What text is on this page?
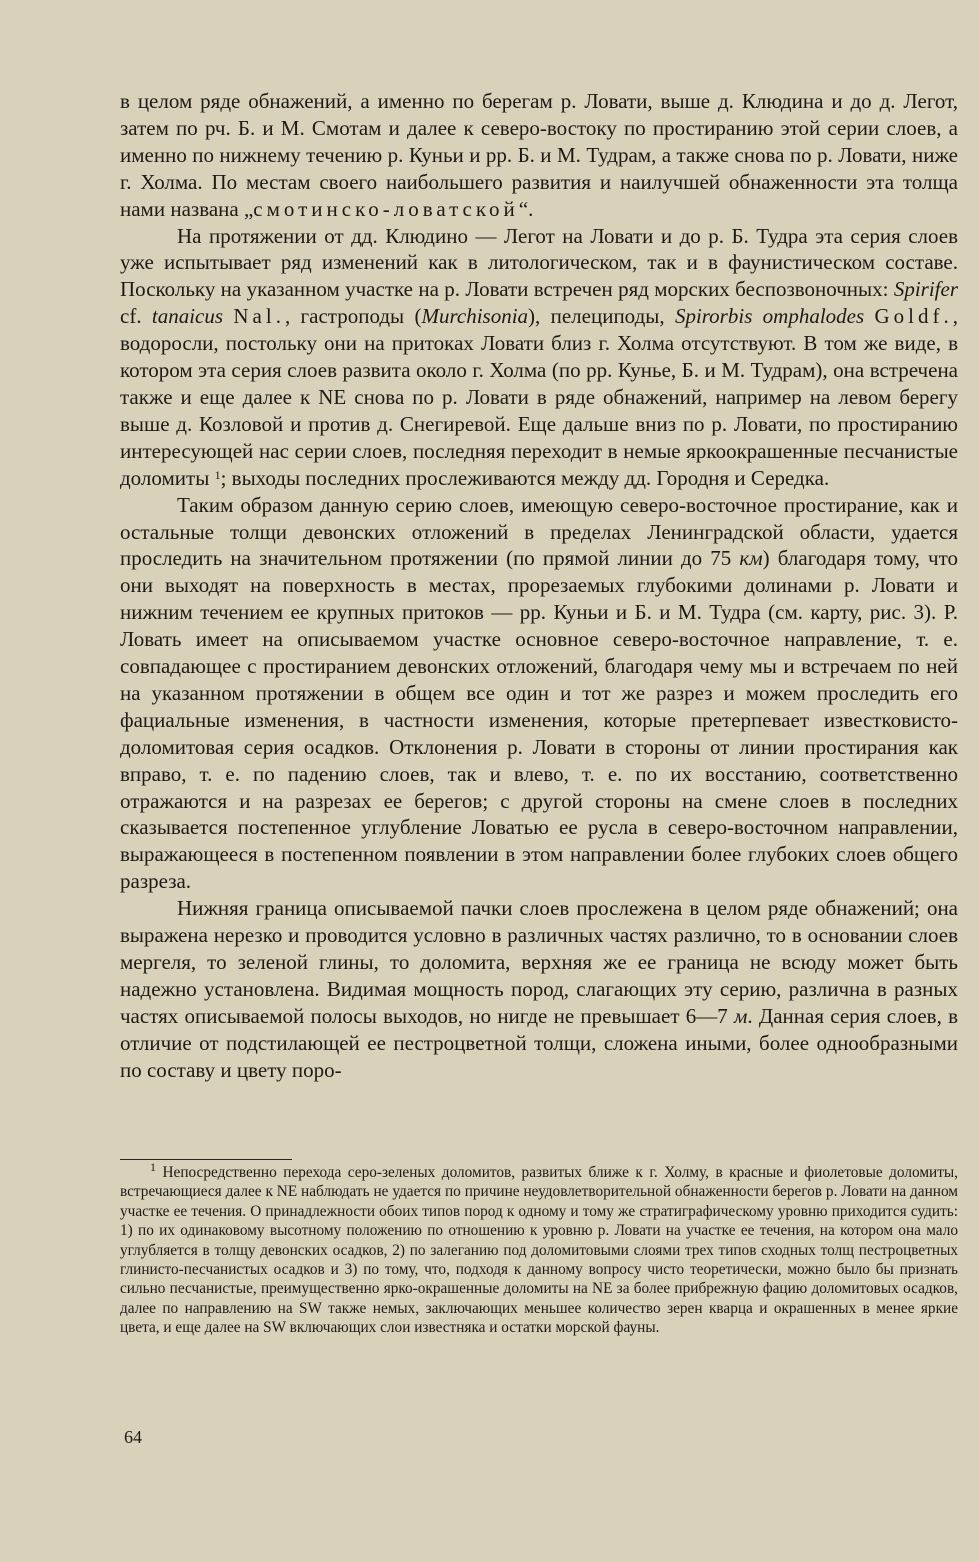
в целом ряде обнажений, а именно по берегам р. Ловати, выше д. Клюдина и до д. Легот, затем по рч. Б. и М. Смотам и далее к северо-востоку по простиранию этой серии слоев, а именно по нижнему течению р. Куньи и рр. Б. и М. Тудрам, а также снова по р. Ловати, ниже г. Холма. По местам своего наибольшего развития и наилучшей обнаженности эта толща нами названа „смотинско-ловатской“.

На протяжении от дд. Клюдино — Легот на Ловати и до р. Б. Тудра эта серия слоев уже испытывает ряд изменений как в литологическом, так и в фаунистическом составе. Поскольку на указанном участке на р. Ловати встречен ряд морских беспозвоночных: Spirifer cf. tanaicus Nal., гастроподы (Murchisonia), пелециподы, Spirorbis omphalodes Goldf., водоросли, постольку они на притоках Ловати близ г. Холма отсутствуют. В том же виде, в котором эта серия слоев развита около г. Холма (по рр. Кунье, Б. и М. Тудрам), она встречена также и еще далее к NE снова по р. Ловати в ряде обнажений, например на левом берегу выше д. Козловой и против д. Снегиревой. Еще дальше вниз по р. Ловати, по простиранию интересующей нас серии слоев, последняя переходит в немые яркоокрашенные песчанистые доломиты $^1$; выходы последних прослеживаются между дд. Городня и Середка.

Таким образом данную серию слоев, имеющую северо-восточное простирание, как и остальные толщи девонских отложений в пределах Ленинградской области, удается проследить на значительном протяжении (по прямой линии до 75 км) благодаря тому, что они выходят на поверхность в местах, прорезаемых глубокими долинами р. Ловати и нижним течением ее крупных притоков — рр. Куньи и Б. и М. Тудра (см. карту, рис. 3). Р. Ловать имеет на описываемом участке основное северо-восточное направление, т. е. совпадающее с простиранием девонских отложений, благодаря чему мы и встречаем по ней на указанном протяжении в общем все один и тот же разрез и можем проследить его фациальные изменения, в частности изменения, которые претерпевает известковисто-доломитовая серия осадков. Отклонения р. Ловати в стороны от линии простирания как вправо, т. е. по падению слоев, так и влево, т. е. по их восстанию, соответственно отражаются и на разрезах ее берегов; с другой стороны на смене слоев в последних сказывается постепенное углубление Ловатью ее русла в северо-восточном направлении, выражающееся в постепенном появлении в этом направлении более глубоких слоев общего разреза.

Нижняя граница описываемой пачки слоев прослежена в целом ряде обнажений; она выражена нерезко и проводится условно в различных частях различно, то в основании слоев мергеля, то зеленой глины, то доломита, верхняя же ее граница не всюду может быть надежно установлена. Видимая мощность пород, слагающих эту серию, различна в разных частях описываемой полосы выходов, но нигде не превышает 6—7 м. Данная серия слоев, в отличие от подстилающей ее пестроцветной толщи, сложена иными, более однообразными по составу и цвету поро-

$^1$ Непосредственно перехода серо-зеленых доломитов, развитых ближе к г. Холму, в красные и фиолетовые доломиты, встречающиеся далее к NE наблюдать не удается по причине неудовлетворительной обнаженности берегов р. Ловати на данном участке ее течения. О принадлежности обоих типов пород к одному и тому же стратиграфическому уровню приходится судить: 1) по их одинаковому высотному положению по отношению к уровню р. Ловати на участке ее течения, на котором она мало углубляется в толщу девонских осадков, 2) по залеганию под доломитовыми слоями трех типов сходных толщ пестроцветных глинисто-песчанистых осадков и 3) по тому, что, подходя к данному вопросу чисто теоретически, можно было бы признать сильно песчанистые, преимущественно ярко-окрашенные доломиты на NE за более прибрежную фацию доломитовых осадков, далее по направлению на SW также немых, заключающих меньшее количество зерен кварца и окрашенных в менее яркие цвета, и еще далее на SW включающих слои известняка и остатки морской фауны.

64
